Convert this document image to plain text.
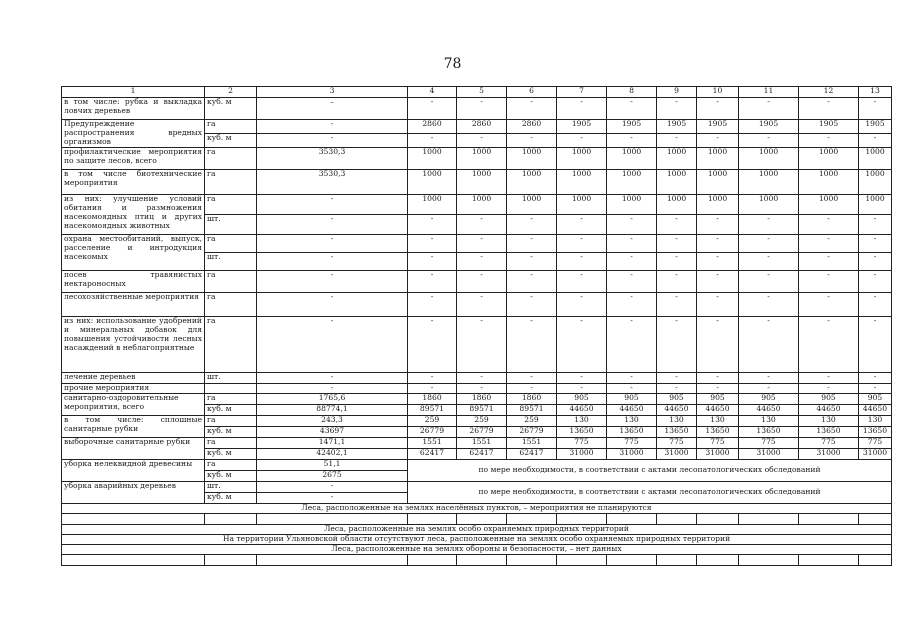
78
1	2	3	4	5	6	7	8	9	10	11	12	13
в том числе: рубка и выкладка ловчих деревьев	куб. м	–	-	-	-	-	-	-	-	-	-	-
Предупреждение распространения вредных организмов	га	-	2860	2860	2860	1905	1905	1905	1905	1905	1905	1905
	куб. м	-	-	-	-	-	-	-	-	-	-	-
профилактические мероприятия по защите лесов, всего	га	3530,3	1000	1000	1000	1000	1000	1000	1000	1000	1000	1000
в том числе биотехнические мероприятия	га	3530,3	1000	1000	1000	1000	1000	1000	1000	1000	1000	1000
из них: улучшение условий обитания и размножения насекомоядных птиц и других насекомоядных животных	га	-	1000	1000	1000	1000	1000	1000	1000	1000	1000	1000
	шт.	-	-	-	-	-	-	-	-	-	-	-
охрана местообитаний, выпуск, расселение и интродукция насекомых	га	-	-	-	-	-	-	-	-	-	-	-
	шт.	-	-	-	-	-	-	-	-	-	-	-
посев травянистых нектароносных	га	-	-	-	-	-	-	-	-	-	-	-
лесохозяйственные мероприятия	га	-	-	-	-	-	-	-	-	-	-	-
из них: использование удобрений и минеральных добавок для повышения устойчивости лесных насаждений в неблагоприятные	га	-	-	-	-	-	-	-	-	-	-	-
лечение деревьев	шт.	-	-	-	-	-	-	-	-	-	-	-
прочие мероприятия		-	-	-	-	-	-	-	-	-	-	-
санитарно-оздоровительные мероприятия, всего	га	1765,6	1860	1860	1860	905	905	905	905	905	905	905
	куб. м	88774,1	89571	89571	89571	44650	44650	44650	44650	44650	44650	44650
в том числе: сплошные санитарные рубки	га	243,3	259	259	259	130	130	130	130	130	130	130
	куб. м	43697	26779	26779	26779	13650	13650	13650	13650	13650	13650	13650
выборочные санитарные рубки	га	1471,1	1551	1551	1551	775	775	775	775	775	775	775
	куб. м	42402,1	62417	62417	62417	31000	31000	31000	31000	31000	31000	31000
уборка нелеквидной древесины	га	51,1	по мере необходимости, в соответствии с актами лесопатологических обследований									
	куб. м	2675										
уборка аварийных деревьев	шт.	-	по мере необходимости, в соответствии с актами лесопатологических обследований									
	куб. м	-										
Леса, расположенные на землях населённых пунктов, – мероприятия не планируются												

Леса, расположенные на землях особо охраняемых природных территорий												
На территории Ульяновской области отсутствуют леса, расположенные на землях особо охраняемых природных территорий												
Леса, расположенные на землях обороны и безопасности, – нет данных												
